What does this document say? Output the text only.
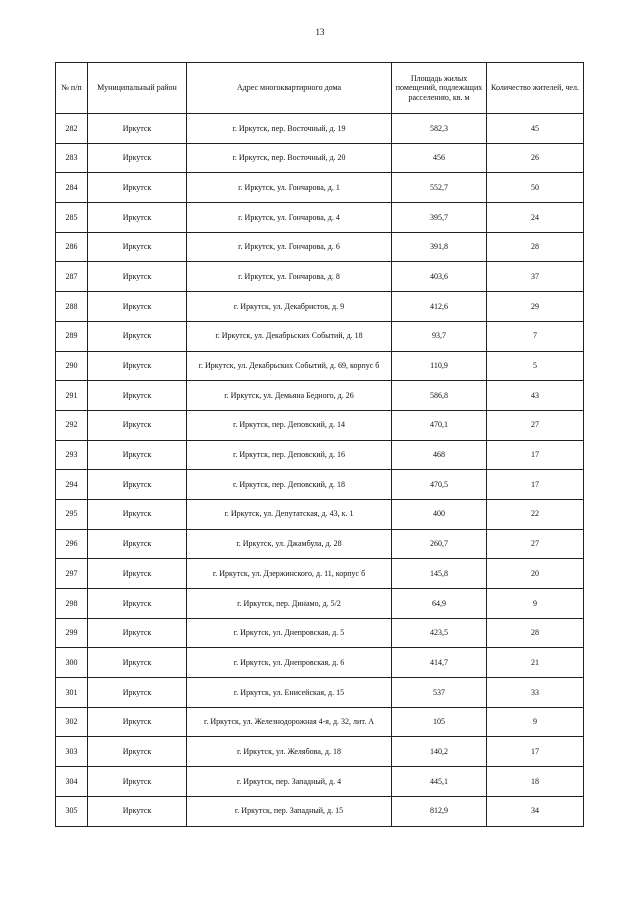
13
№ п/п	Муниципальный район	Адрес многоквартирного дома	Площадь жилых помещений, подлежащих расселению, кв. м	Количество жителей, чел.
282	Иркутск	г. Иркутск, пер. Восточный, д. 19	582,3	45
283	Иркутск	г. Иркутск, пер. Восточный, д. 20	456	26
284	Иркутск	г. Иркутск, ул. Гончарова, д. 1	552,7	50
285	Иркутск	г. Иркутск, ул. Гончарова, д. 4	395,7	24
286	Иркутск	г. Иркутск, ул. Гончарова, д. 6	391,8	28
287	Иркутск	г. Иркутск, ул. Гончарова, д. 8	403,6	37
288	Иркутск	г. Иркутск, ул. Декабристов, д. 9	412,6	29
289	Иркутск	г. Иркутск, ул. Декабрьских Событий, д. 18	93,7	7
290	Иркутск	г. Иркутск, ул. Декабрьских Событий, д. 69, корпус б	110,9	5
291	Иркутск	г. Иркутск, ул. Демьяна Бедного, д. 26	586,8	43
292	Иркутск	г. Иркутск, пер. Деповский, д. 14	470,1	27
293	Иркутск	г. Иркутск, пер. Деповский, д. 16	468	17
294	Иркутск	г. Иркутск, пер. Деповский, д. 18	470,5	17
295	Иркутск	г. Иркутск, ул. Депутатская, д. 43, к. 1	400	22
296	Иркутск	г. Иркутск, ул. Джамбула, д. 28	260,7	27
297	Иркутск	г. Иркутск, ул. Дзержинского, д. 11, корпус б	145,8	20
298	Иркутск	г. Иркутск, пер. Динамо, д. 5/2	64,9	9
299	Иркутск	г. Иркутск, ул. Днепровская, д. 5	423,5	28
300	Иркутск	г. Иркутск, ул. Днепровская, д. 6	414,7	21
301	Иркутск	г. Иркутск, ул. Енисейская, д. 15	537	33
302	Иркутск	г. Иркутск, ул. Железнодорожная 4-я, д. 32, лит. А	105	9
303	Иркутск	г. Иркутск, ул. Желябова, д. 18	140,2	17
304	Иркутск	г. Иркутск, пер. Западный, д. 4	445,1	18
305	Иркутск	г. Иркутск, пер. Западный, д. 15	812,9	34
